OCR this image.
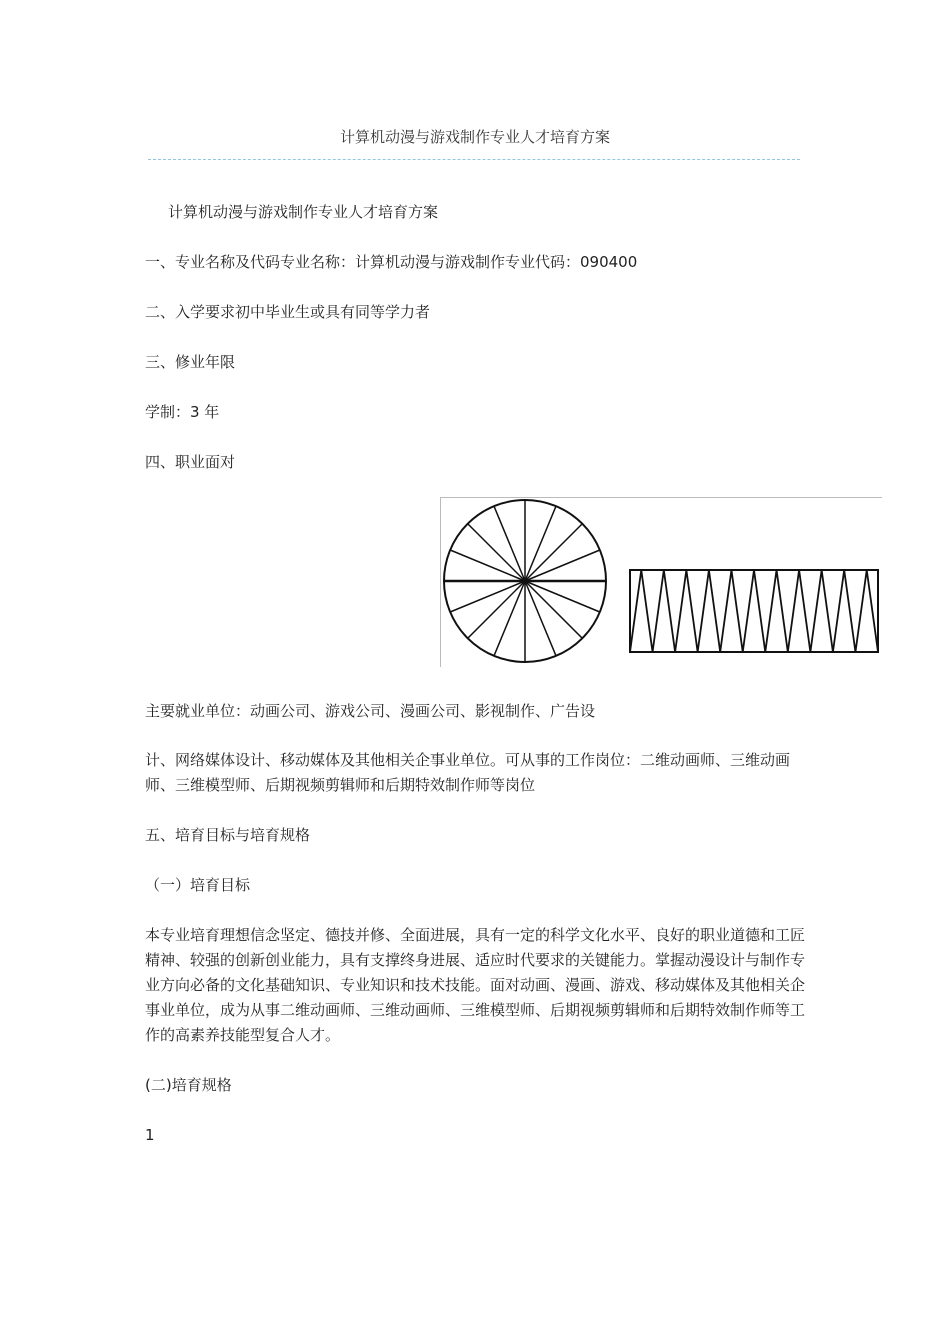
计算机动漫与游戏制作专业人才培育方案

计算机动漫与游戏制作专业人才培育方案

一、专业名称及代码专业名称：计算机动漫与游戏制作专业代码：090400

二、入学要求初中毕业生或具有同等学力者

三、修业年限

学制：3 年

四、职业面对

主要就业单位：动画公司、游戏公司、漫画公司、影视制作、广告设

计、网络媒体设计、移动媒体及其他相关企事业单位。可从事的工作岗位：二维动画师、三维动画师、三维模型师、后期视频剪辑师和后期特效制作师等岗位

五、培育目标与培育规格

（一）培育目标

本专业培育理想信念坚定、德技并修、全面进展，具有一定的科学文化水平、良好的职业道德和工匠精神、较强的创新创业能力，具有支撑终身进展、适应时代要求的关键能力。掌握动漫设计与制作专业方向必备的文化基础知识、专业知识和技术技能。面对动画、漫画、游戏、移动媒体及其他相关企事业单位，成为从事二维动画师、三维动画师、三维模型师、后期视频剪辑师和后期特效制作师等工作的高素养技能型复合人才。

(二)培育规格

1
